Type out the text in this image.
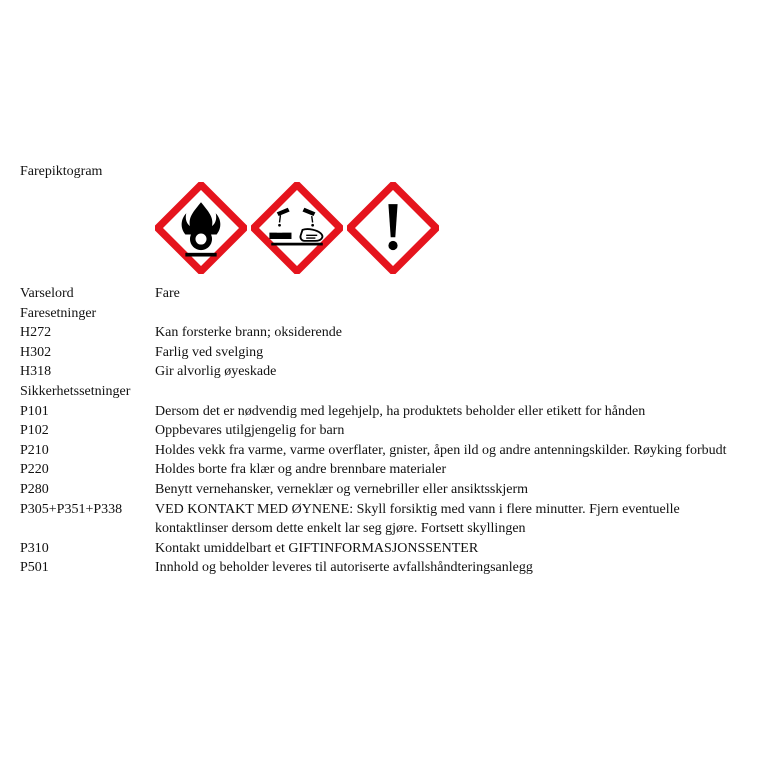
Farepiktogram
Varselord	Fare
Faresetninger
H272	Kan forsterke brann; oksiderende
H302	Farlig ved svelging
H318	Gir alvorlig øyeskade
Sikkerhetssetninger
P101	Dersom det er nødvendig med legehjelp, ha produktets beholder eller etikett for hånden
P102	Oppbevares utilgjengelig for barn
P210	Holdes vekk fra varme, varme overflater, gnister, åpen ild og andre antenningskilder. Røyking forbudt
P220	Holdes borte fra klær og andre brennbare materialer
P280	Benytt vernehansker, verneklær og vernebriller eller ansiktsskjerm
P305+P351+P338	VED KONTAKT MED ØYNENE: Skyll forsiktig med vann i flere minutter. Fjern eventuelle kontaktlinser dersom dette enkelt lar seg gjøre. Fortsett skyllingen
P310	Kontakt umiddelbart et GIFTINFORMASJONSSENTER
P501	Innhold og beholder leveres til autoriserte avfallshåndteringsanlegg
